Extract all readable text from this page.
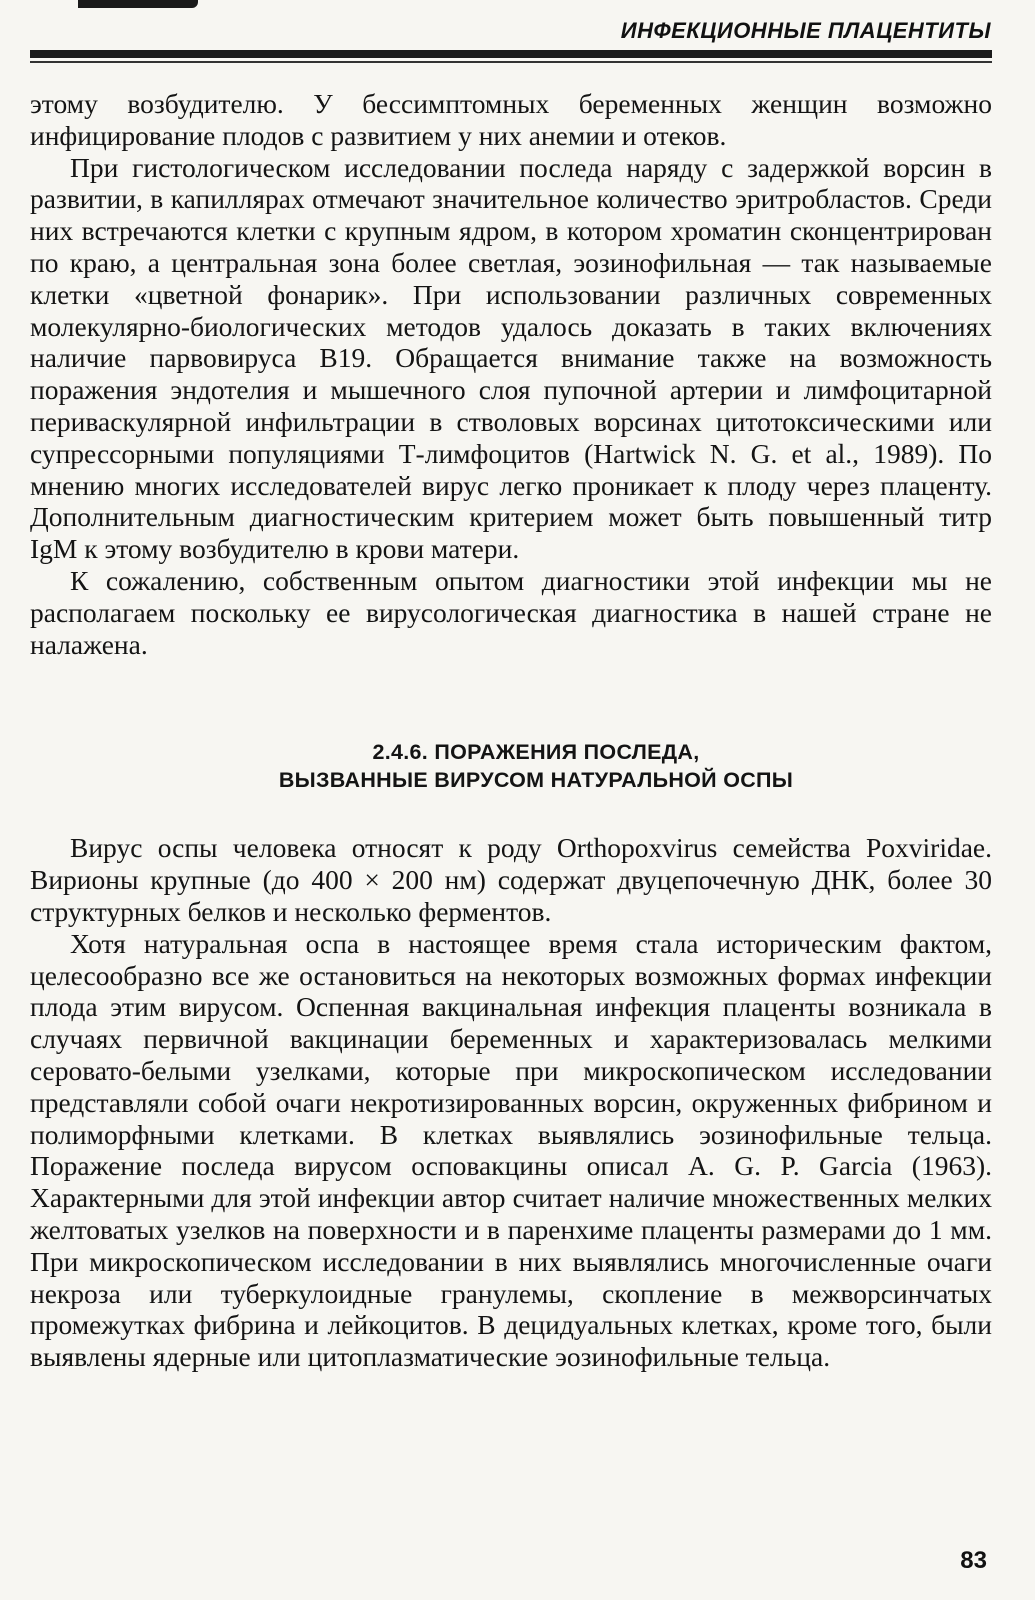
ИНФЕКЦИОННЫЕ ПЛАЦЕНТИТЫ

этому возбудителю. У бессимптомных беременных женщин возможно инфицирование плодов с развитием у них анемии и отеков.

При гистологическом исследовании последа наряду с задержкой ворсин в развитии, в капиллярах отмечают значительное количество эритробластов. Среди них встречаются клетки с крупным ядром, в котором хроматин сконцентрирован по краю, а центральная зона более светлая, эозинофильная — так называемые клетки «цветной фонарик». При использовании различных современных молекулярно-биологических методов удалось доказать в таких включениях наличие парвовируса В19. Обращается внимание также на возможность поражения эндотелия и мышечного слоя пупочной артерии и лимфоцитарной периваскулярной инфильтрации в стволовых ворсинах цитотоксическими или супрессорными популяциями Т-лимфоцитов (Hartwick N. G. et al., 1989). По мнению многих исследователей вирус легко проникает к плоду через плаценту. Дополнительным диагностическим критерием может быть повышенный титр IgM к этому возбудителю в крови матери.

К сожалению, собственным опытом диагностики этой инфекции мы не располагаем поскольку ее вирусологическая диагностика в нашей стране не налажена.

2.4.6. ПОРАЖЕНИЯ ПОСЛЕДА,
ВЫЗВАННЫЕ ВИРУСОМ НАТУРАЛЬНОЙ ОСПЫ

Вирус оспы человека относят к роду Orthopoxvirus семейства Poxviridae. Вирионы крупные (до 400 × 200 нм) содержат двуцепочечную ДНК, более 30 структурных белков и несколько ферментов.

Хотя натуральная оспа в настоящее время стала историческим фактом, целесообразно все же остановиться на некоторых возможных формах инфекции плода этим вирусом. Оспенная вакцинальная инфекция плаценты возникала в случаях первичной вакцинации беременных и характеризовалась мелкими серовато-белыми узелками, которые при микроскопическом исследовании представляли собой очаги некротизированных ворсин, окруженных фибрином и полиморфными клетками. В клетках выявлялись эозинофильные тельца. Поражение последа вирусом осповакцины описал A. G. P. Garcia (1963). Характерными для этой инфекции автор считает наличие множественных мелких желтоватых узелков на поверхности и в паренхиме плаценты размерами до 1 мм. При микроскопическом исследовании в них выявлялись многочисленные очаги некроза или туберкулоидные гранулемы, скопление в межворсинчатых промежутках фибрина и лейкоцитов. В децидуальных клетках, кроме того, были выявлены ядерные или цитоплазматические эозинофильные тельца.

83
